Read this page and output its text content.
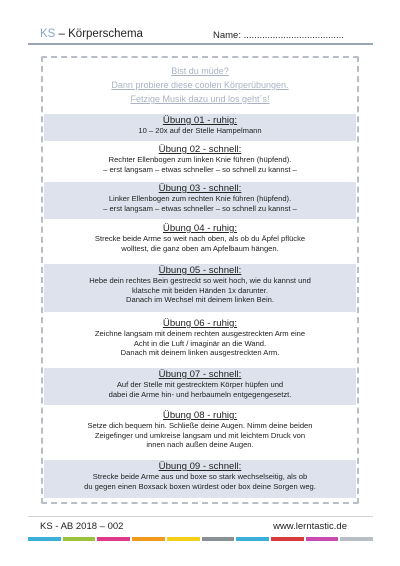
KS – Körperschema	Name: ......................................
Bist du müde?
Dann probiere diese coolen Körperübungen.
Fetzige Musik dazu und los geht´s!
Übung 01 - ruhig:
10 – 20x auf der Stelle Hampelmann
Übung 02 - schnell:
Rechter Ellenbogen zum linken Knie führen (hüpfend).
– erst langsam – etwas schneller – so schnell zu kannst –
Übung 03 - schnell:
Linker Ellenbogen zum rechten Knie führen (hüpfend).
– erst langsam – etwas schneller – so schnell zu kannst –
Übung 04 - ruhig:
Strecke beide Arme so weit nach oben, als ob du Äpfel pflücke
wolltest, die ganz oben am Apfelbaum hängen.
Übung 05 - schnell:
Hebe dein rechtes Bein gestreckt so weit hoch, wie du kannst und
klatsche mit beiden Händen 1x darunter.
Danach im Wechsel mit deinem linken Bein.
Übung 06 - ruhig:
Zeichne langsam mit deinem rechten ausgestreckten Arm eine
Acht in die Luft / imaginär an die Wand.
Danach mit deinem linken ausgestreckten Arm.
Übung 07 - schnell:
Auf der Stelle mit gestrecktem Körper hüpfen und
dabei die Arme hin- und herbaumeln entgegengesetzt.
Übung 08 - ruhig:
Setze dich bequem hin. Schließe deine Augen. Nimm deine beiden
Zeigefinger und umkreise langsam und mit leichtem Druck von
innen nach außen deine Augen.
Übung 09 - schnell:
Strecke beide Arme aus und boxe so stark wechselseitig, als ob
du gegen einen Boxsack boxen würdest oder box deine Sorgen weg.
KS - AB 2018 – 002	www.lerntastic.de
